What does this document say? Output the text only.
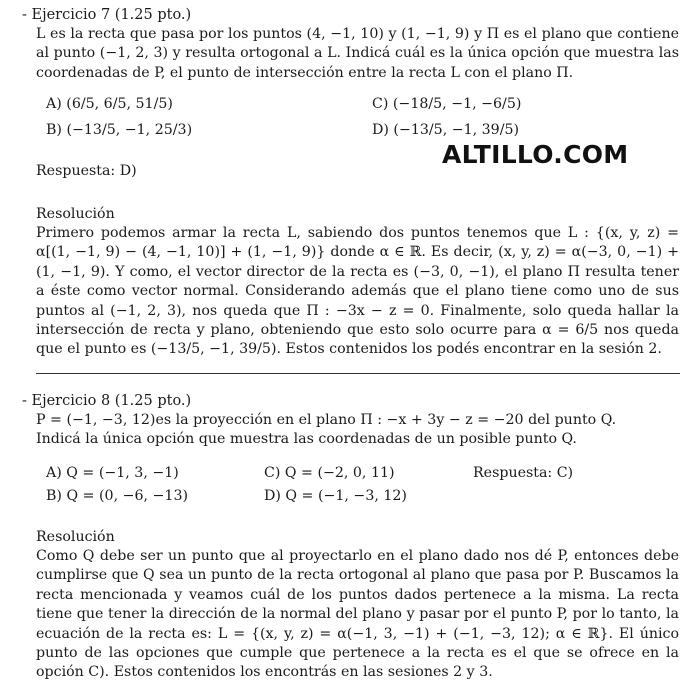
- Ejercicio 7 (1.25 pto.)
L es la recta que pasa por los puntos (4, −1, 10) y (1, −1, 9) y Π es el plano que contiene al punto (−1, 2, 3) y resulta ortogonal a L. Indicá cuál es la única opción que muestra las coordenadas de P, el punto de intersección entre la recta L con el plano Π.
A) (6/5, 6/5, 51/5)	C) (−18/5, −1, −6/5)
B) (−13/5, −1, 25/3)	D) (−13/5, −1, 39/5)
ALTILLO.COM
Respuesta: D)
Resolución
Primero podemos armar la recta L, sabiendo dos puntos tenemos que L : {(x, y, z) = α[(1, −1, 9) − (4, −1, 10)] + (1, −1, 9)} donde α ∈ ℝ. Es decir, (x, y, z) = α(−3, 0, −1) + (1, −1, 9). Y como, el vector director de la recta es (−3, 0, −1), el plano Π resulta tener a éste como vector normal. Considerando además que el plano tiene como uno de sus puntos al (−1, 2, 3), nos queda que Π : −3x − z = 0. Finalmente, solo queda hallar la intersección de recta y plano, obteniendo que esto solo ocurre para α = 6/5 nos queda que el punto es (−13/5, −1, 39/5). Estos contenidos los podés encontrar en la sesión 2.
- Ejercicio 8 (1.25 pto.)
P = (−1, −3, 12)es la proyección en el plano Π : −x + 3y − z = −20 del punto Q.
Indicá la única opción que muestra las coordenadas de un posible punto Q.
A) Q = (−1, 3, −1)	C) Q = (−2, 0, 11)	Respuesta: C)
B) Q = (0, −6, −13)	D) Q = (−1, −3, 12)
Resolución
Como Q debe ser un punto que al proyectarlo en el plano dado nos dé P, entonces debe cumplirse que Q sea un punto de la recta ortogonal al plano que pasa por P. Buscamos la recta mencionada y veamos cuál de los puntos dados pertenece a la misma. La recta tiene que tener la dirección de la normal del plano y pasar por el punto P, por lo tanto, la ecuación de la recta es: L = {(x, y, z) = α(−1, 3, −1) + (−1, −3, 12); α ∈ ℝ}. El único punto de las opciones que cumple que pertenece a la recta es el que se ofrece en la opción C). Estos contenidos los encontrás en las sesiones 2 y 3.
